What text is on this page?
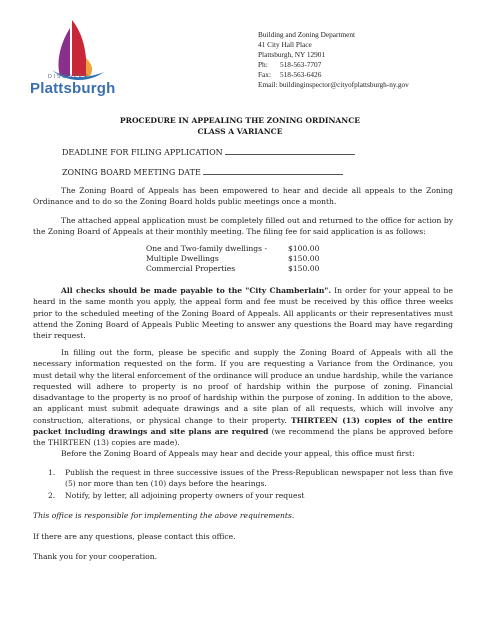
DISCOVER
Plattsburgh
Building and Zoning Department
41 City Hall Place
Plattsburgh, NY 12901
Ph: 518-563-7707
Fax: 518-563-6426
Email: buildinginspector@cityofplattsburgh-ny.gov
PROCEDURE IN APPEALING THE ZONING ORDINANCE
CLASS A VARIANCE
DEADLINE FOR FILING APPLICATION
ZONING BOARD MEETING DATE
The Zoning Board of Appeals has been empowered to hear and decide all appeals to the Zoning Ordinance and to do so the Zoning Board holds public meetings once a month.
The attached appeal application must be completely filled out and returned to the office for action by the Zoning Board of Appeals at their monthly meeting. The filing fee for said application is as follows:
One and Two-family dwellings -	$100.00
Multiple Dwellings	$150.00
Commercial Properties	$150.00
All checks should be made payable to the "City Chamberlain". In order for your appeal to be heard in the same month you apply, the appeal form and fee must be received by this office three weeks prior to the scheduled meeting of the Zoning Board of Appeals. All applicants or their representatives must attend the Zoning Board of Appeals Public Meeting to answer any questions the Board may have regarding their request.
In filling out the form, please be specific and supply the Zoning Board of Appeals with all the necessary information requested on the form. If you are requesting a Variance from the Ordinance, you must detail why the literal enforcement of the ordinance will produce an undue hardship, while the variance requested will adhere to property is no proof of hardship within the purpose of zoning. Financial disadvantage to the property is no proof of hardship within the purpose of zoning. In addition to the above, an applicant must submit adequate drawings and a site plan of all requests, which will involve any construction, alterations, or physical change to their property. THIRTEEN (13) copies of the entire packet including drawings and site plans are required (we recommend the plans be approved before the THIRTEEN (13) copies are made).
Before the Zoning Board of Appeals may hear and decide your appeal, this office must first:
1. Publish the request in three successive issues of the Press-Republican newspaper not less than five (5) nor more than ten (10) days before the hearings.
2. Notify, by letter, all adjoining property owners of your request
This office is responsible for implementing the above requirements.
If there are any questions, please contact this office.
Thank you for your cooperation.
